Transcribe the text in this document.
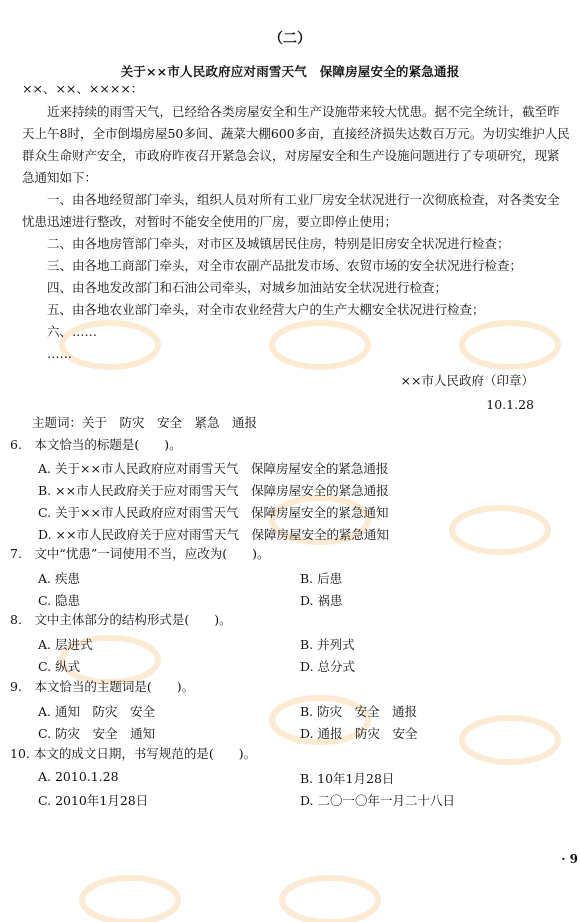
（二）
关于××市人民政府应对雨雪天气　保障房屋安全的紧急通报
××、××、××××：

近来持续的雨雪天气，已经给各类房屋安全和生产设施带来较大忧患。据不完全统计，截至昨天上午8时，全市倒塌房屋50多间、蔬菜大棚600多亩，直接经济损失达数百万元。为切实维护人民群众生命财产安全，市政府昨夜召开紧急会议，对房屋安全和生产设施问题进行了专项研究，现紧急通知如下：

一、由各地经贸部门牵头，组织人员对所有工业厂房安全状况进行一次彻底检查，对各类安全忧患迅速进行整改，对暂时不能安全使用的厂房，要立即停止使用；

二、由各地房管部门牵头，对市区及城镇居民住房，特别是旧房安全状况进行检查；

三、由各地工商部门牵头，对全市农副产品批发市场、农贸市场的安全状况进行检查；

四、由各地发改部门和石油公司牵头，对城乡加油站安全状况进行检查；

五、由各地农业部门牵头，对全市农业经营大户的生产大棚安全状况进行检查；

六、……

……

××市人民政府（印章）
10.1.28
主题词：关于　防灾　安全　紧急　通报
6.　本文恰当的标题是(　　)。
A. 关于××市人民政府应对雨雪天气　保障房屋安全的紧急通报
B. ××市人民政府关于应对雨雪天气　保障房屋安全的紧急通报
C. 关于××市人民政府应对雨雪天气　保障房屋安全的紧急通知
D. ××市人民政府关于应对雨雪天气　保障房屋安全的紧急通知
7.　文中“忧患”一词使用不当，应改为(　　)。
A. 疾患	B. 后患
C. 隐患	D. 祸患
8.　文中主体部分的结构形式是(　　)。
A. 层进式	B. 并列式
C. 纵式	D. 总分式
9.　本文恰当的主题词是(　　)。
A. 通知　防灾　安全	B. 防灾　安全　通报
C. 防灾　安全　通知	D. 通报　防灾　安全
10. 本文的成文日期，书写规范的是(　　)。
A. 2010.1.28	B. 10年1月28日
C. 2010年1月28日	D. 二〇一〇年一月二十八日
· 9
